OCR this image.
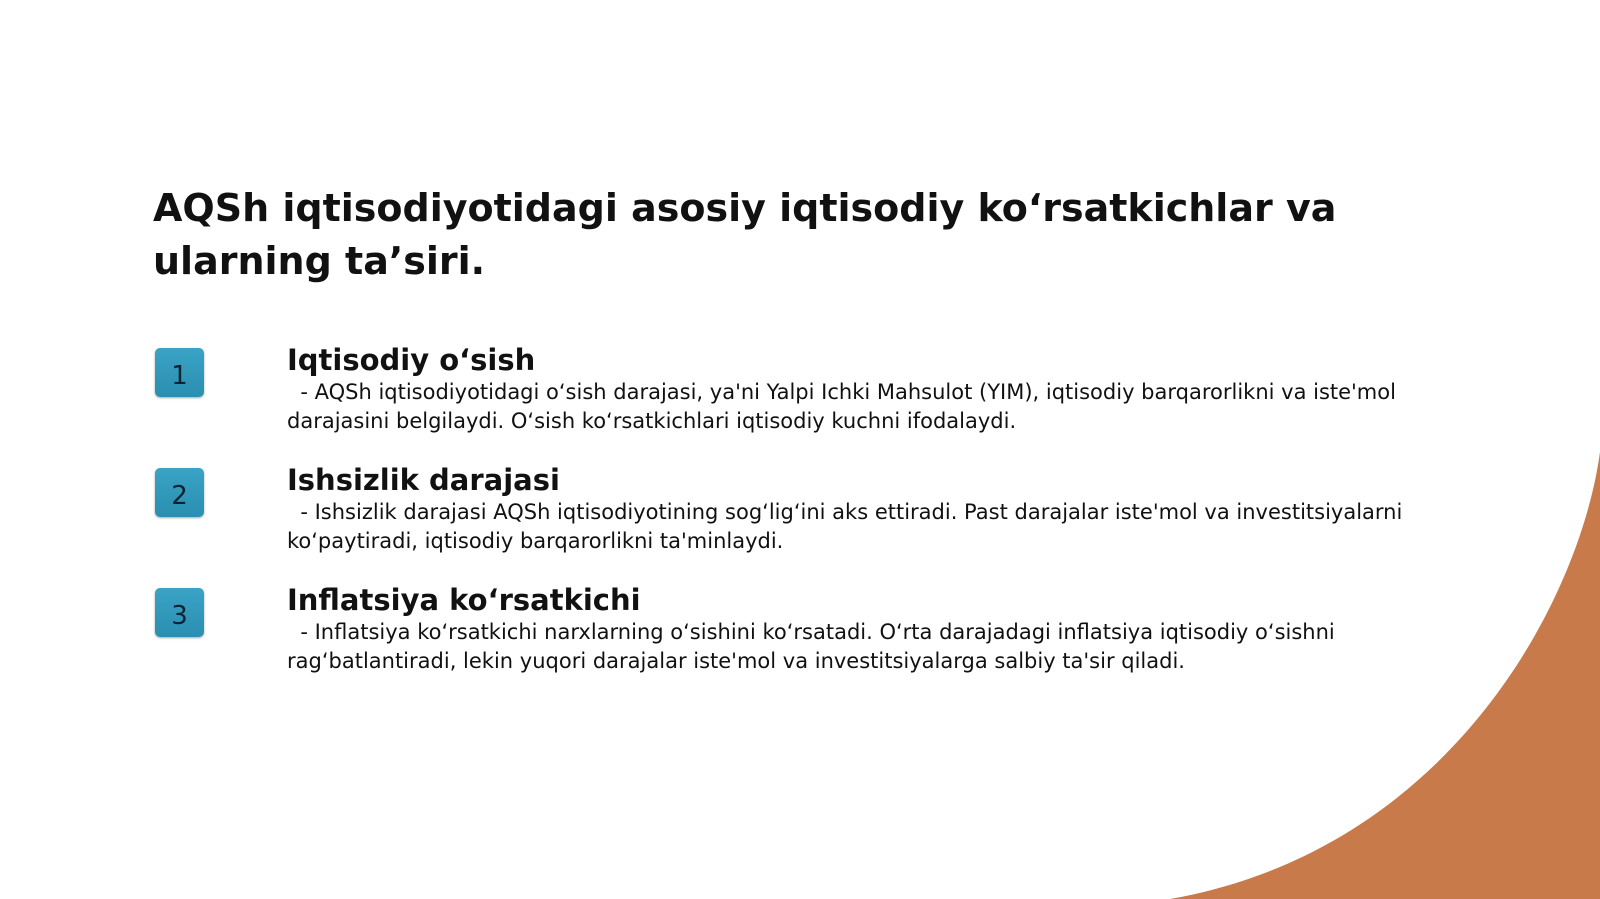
AQSh iqtisodiyotidagi asosiy iqtisodiy ko‘rsatkichlar va ularning ta’siri.
1	Iqtisodiy o‘sish

- AQSh iqtisodiyotidagi o‘sish darajasi, ya'ni Yalpi Ichki Mahsulot (YIM), iqtisodiy barqarorlikni va iste'mol darajasini belgilaydi. O‘sish ko‘rsatkichlari iqtisodiy kuchni ifodalaydi.

2	Ishsizlik darajasi

- Ishsizlik darajasi AQSh iqtisodiyotining sog‘lig‘ini aks ettiradi. Past darajalar iste'mol va investitsiyalarni ko‘paytiradi, iqtisodiy barqarorlikni ta'minlaydi.

3	Inflatsiya ko‘rsatkichi

- Inflatsiya ko‘rsatkichi narxlarning o‘sishini ko‘rsatadi. O‘rta darajadagi inflatsiya iqtisodiy o‘sishni rag‘batlantiradi, lekin yuqori darajalar iste'mol va investitsiyalarga salbiy ta'sir qiladi.
